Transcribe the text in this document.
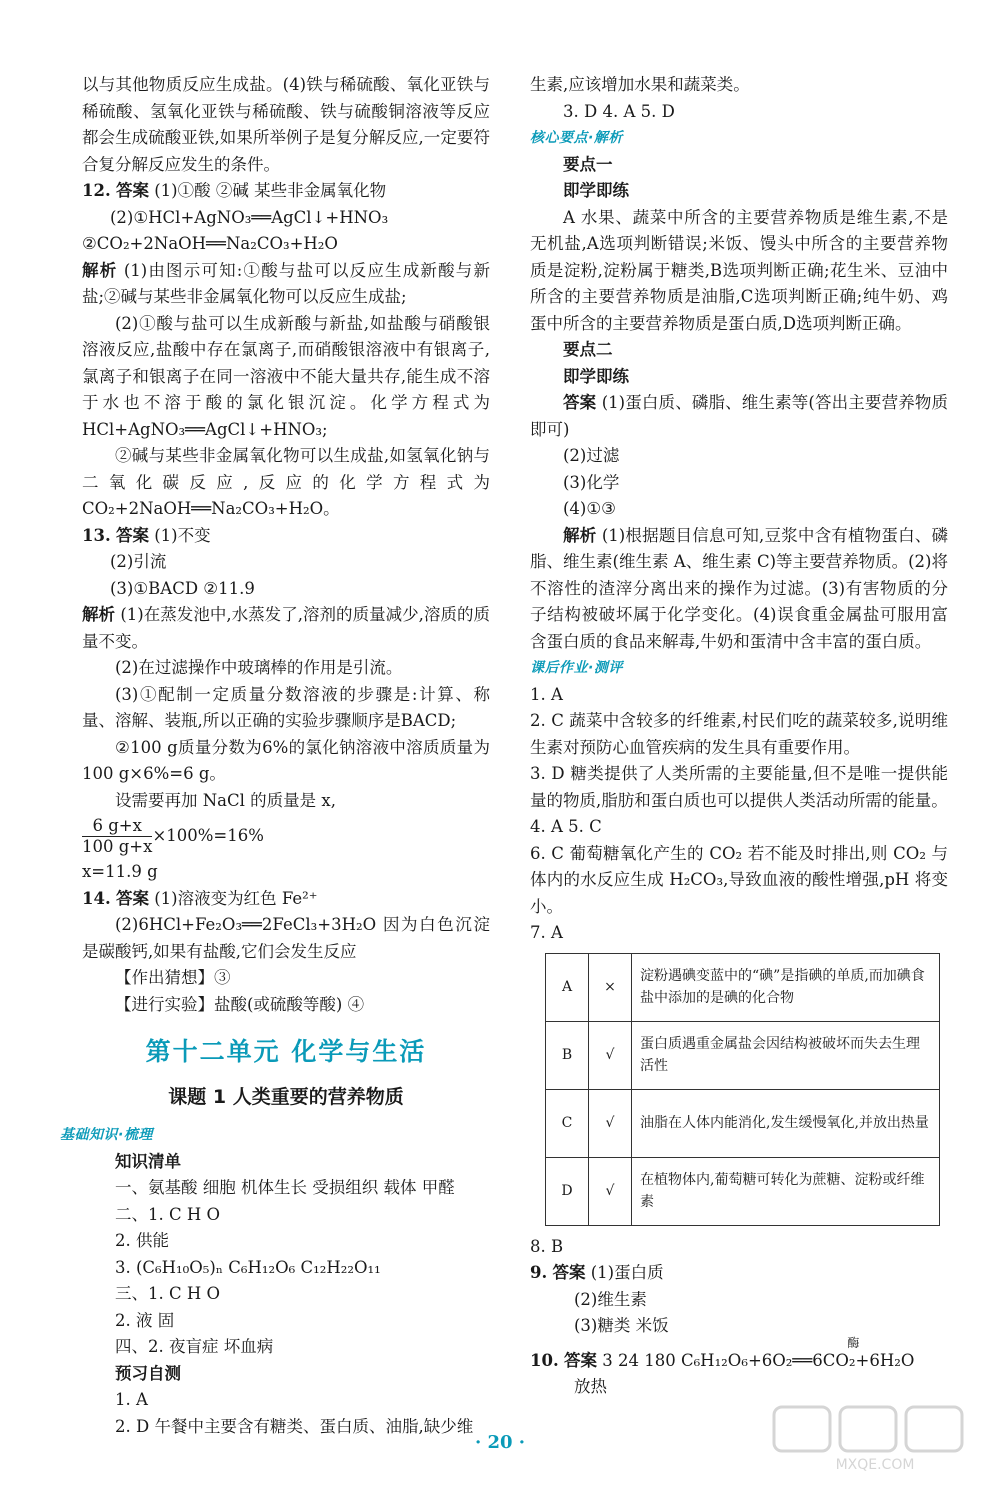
以与其他物质反应生成盐。(4)铁与稀硫酸、氧化亚铁与稀硫酸、氢氧化亚铁与稀硫酸、铁与硫酸铜溶液等反应都会生成硫酸亚铁,如果所举例子是复分解反应,一定要符合复分解反应发生的条件。

12. 答案 (1)①酸 ②碱 某些非金属氧化物

(2)①HCl+AgNO₃══AgCl↓+HNO₃

②CO₂+2NaOH══Na₂CO₃+H₂O

解析 (1)由图示可知:①酸与盐可以反应生成新酸与新盐;②碱与某些非金属氧化物可以反应生成盐;

(2)①酸与盐可以生成新酸与新盐,如盐酸与硝酸银溶液反应,盐酸中存在氯离子,而硝酸银溶液中有银离子,氯离子和银离子在同一溶液中不能大量共存,能生成不溶于水也不溶于酸的氯化银沉淀。化学方程式为 HCl+AgNO₃══AgCl↓+HNO₃;

②碱与某些非金属氧化物可以生成盐,如氢氧化钠与二氧化碳反应,反应的化学方程式为 CO₂+2NaOH══Na₂CO₃+H₂O。

13. 答案 (1)不变

(2)引流

(3)①BACD ②11.9

解析 (1)在蒸发池中,水蒸发了,溶剂的质量减少,溶质的质量不变。

(2)在过滤操作中玻璃棒的作用是引流。

(3)①配制一定质量分数溶液的步骤是:计算、称量、溶解、装瓶,所以正确的实验步骤顺序是BACD;

②100 g质量分数为6%的氯化钠溶液中溶质质量为 100 g×6%=6 g。

设需要再加 NaCl 的质量是 x,

$\frac{6 g+x}{100 g+x} \times 100\%=16\%$

x=11.9 g

14. 答案 (1)溶液变为红色 Fe²⁺

(2)6HCl+Fe₂O₃══2FeCl₃+3H₂O 因为白色沉淀是碳酸钙,如果有盐酸,它们会发生反应

【作出猜想】③

【进行实验】盐酸(或硫酸等酸) ④

第十二单元 化学与生活
课题 1 人类重要的营养物质

基础知识·梳理

知识清单

一、氨基酸 细胞 机体生长 受损组织 载体 甲醛

二、1. C H O

2. 供能

3. (C₆H₁₀O₅)ₙ C₆H₁₂O₆ C₁₂H₂₂O₁₁

三、1. C H O

2. 液 固

四、2. 夜盲症 坏血病

预习自测

1. A

2. D 午餐中主要含有糖类、蛋白质、油脂,缺少维

生素,应该增加水果和蔬菜类。

3. D 4. A 5. D

核心要点·解析

要点一

即学即练

A 水果、蔬菜中所含的主要营养物质是维生素,不是无机盐,A选项判断错误;米饭、馒头中所含的主要营养物质是淀粉,淀粉属于糖类,B选项判断正确;花生米、豆油中所含的主要营养物质是油脂,C选项判断正确;纯牛奶、鸡蛋中所含的主要营养物质是蛋白质,D选项判断正确。

要点二

即学即练

答案 (1)蛋白质、磷脂、维生素等(答出主要营养物质即可)

(2)过滤

(3)化学

(4)①③

解析 (1)根据题目信息可知,豆浆中含有植物蛋白、磷脂、维生素(维生素 A、维生素 C)等主要营养物质。(2)将不溶性的渣滓分离出来的操作为过滤。(3)有害物质的分子结构被破坏属于化学变化。(4)误食重金属盐可服用富含蛋白质的食品来解毒,牛奶和蛋清中含丰富的蛋白质。

课后作业·测评

1. A

2. C 蔬菜中含较多的纤维素,村民们吃的蔬菜较多,说明维生素对预防心血管疾病的发生具有重要作用。

3. D 糖类提供了人类所需的主要能量,但不是唯一提供能量的物质,脂肪和蛋白质也可以提供人类活动所需的能量。

4. A 5. C

6. C 葡萄糖氧化产生的 CO₂ 若不能及时排出,则 CO₂ 与体内的水反应生成 H₂CO₃,导致血液的酸性增强,pH 将变小。

7. A

A	×	淀粉遇碘变蓝中的“碘”是指碘的单质,而加碘食盐中添加的是碘的化合物
B	√	蛋白质遇重金属盐会因结构被破坏而失去生理活性
C	√	油脂在人体内能消化,发生缓慢氧化,并放出热量
D	√	在植物体内,葡萄糖可转化为蔗糖、淀粉或纤维素

8. B

9. 答案 (1)蛋白质

(2)维生素

(3)糖类 米饭

10. 答案 3 24 180 C₆H₁₂O₆+6O₂
酶
══6CO₂+6H₂O

放热

· 20 ·
MXQE.COM
